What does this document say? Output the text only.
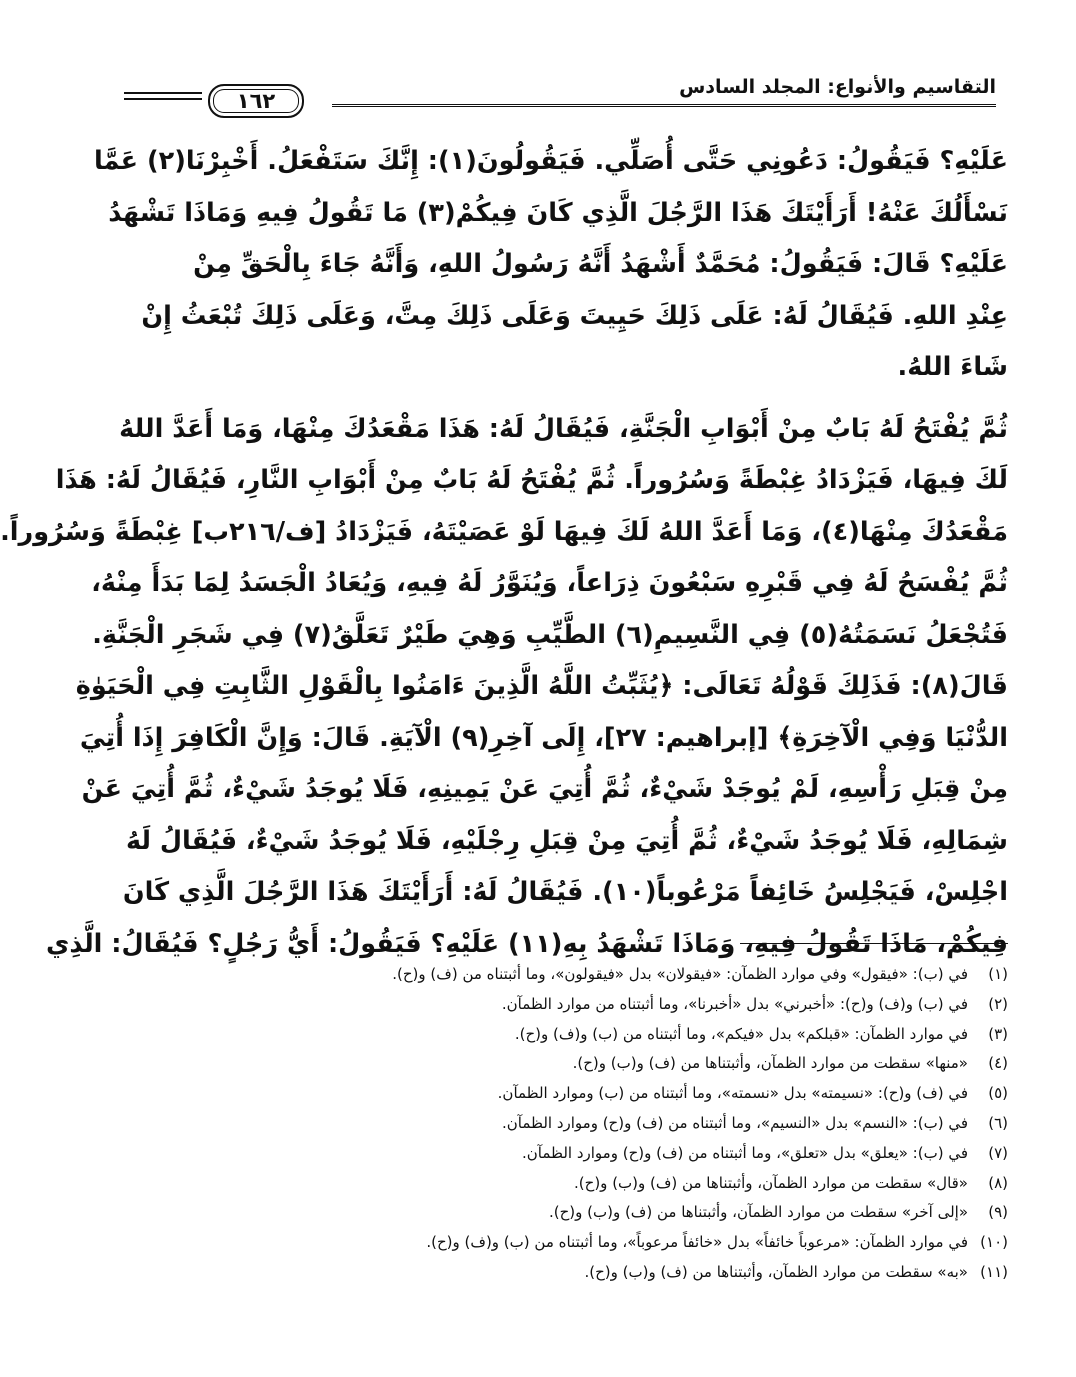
التقاسيم والأنواع: المجلد السادس
١٦٢

عَلَيْهِ؟ فَيَقُولُ: دَعُونِي حَتَّى أُصَلِّي. فَيَقُولُونَ(١): إِنَّكَ سَتَفْعَلُ. أَخْبِرْنَا(٢) عَمَّا
نَسْأَلُكَ عَنْهُ! أَرَأَيْتَكَ هَذَا الرَّجُلَ الَّذِي كَانَ فِيكُمْ(٣) مَا تَقُولُ فِيهِ وَمَاذَا تَشْهَدُ
عَلَيْهِ؟ قَالَ: فَيَقُولُ: مُحَمَّدٌ أَشْهَدُ أَنَّهُ رَسُولُ اللهِ، وَأَنَّهُ جَاءَ بِالْحَقِّ مِنْ
عِنْدِ اللهِ. فَيُقَالُ لَهُ: عَلَى ذَلِكَ حَيِيتَ وَعَلَى ذَلِكَ مِتَّ، وَعَلَى ذَلِكَ تُبْعَثُ إِنْ
شَاءَ اللهُ.

ثُمَّ يُفْتَحُ لَهُ بَابٌ مِنْ أَبْوَابِ الْجَنَّةِ، فَيُقَالُ لَهُ: هَذَا مَقْعَدُكَ مِنْهَا، وَمَا أَعَدَّ اللهُ
لَكَ فِيهَا، فَيَزْدَادُ غِبْطَةً وَسُرُوراً. ثُمَّ يُفْتَحُ لَهُ بَابٌ مِنْ أَبْوَابِ النَّارِ، فَيُقَالُ لَهُ: هَذَا
مَقْعَدُكَ مِنْهَا(٤)، وَمَا أَعَدَّ اللهُ لَكَ فِيهَا لَوْ عَصَيْتَهُ، فَيَزْدَادُ [ف/٢١٦ب] غِبْطَةً وَسُرُوراً.
ثُمَّ يُفْسَحُ لَهُ فِي قَبْرِهِ سَبْعُونَ ذِرَاعاً، وَيُنَوَّرُ لَهُ فِيهِ، وَيُعَادُ الْجَسَدُ لِمَا بَدَأَ مِنْهُ،
فَتُجْعَلُ نَسَمَتُهُ(٥) فِي النَّسِيمِ(٦) الطَّيِّبِ وَهِيَ طَيْرٌ تَعَلَّقُ(٧) فِي شَجَرِ الْجَنَّةِ.
قَالَ(٨): فَذَلِكَ قَوْلُهُ تَعَالَى: ﴿يُثَبِّتُ اللَّهُ الَّذِينَ ءَامَنُوا بِالْقَوْلِ الثَّابِتِ فِي الْحَيَوٰةِ
الدُّنْيَا وَفِي الْآخِرَةِ﴾ [إبراهيم: ٢٧]، إِلَى آخِرِ(٩) الْآيَةِ. قَالَ: وَإِنَّ الْكَافِرَ إِذَا أُتِيَ
مِنْ قِبَلِ رَأْسِهِ، لَمْ يُوجَدْ شَيْءٌ، ثُمَّ أُتِيَ عَنْ يَمِينِهِ، فَلَا يُوجَدُ شَيْءٌ، ثُمَّ أُتِيَ عَنْ
شِمَالِهِ، فَلَا يُوجَدُ شَيْءٌ، ثُمَّ أُتِيَ مِنْ قِبَلِ رِجْلَيْهِ، فَلَا يُوجَدُ شَيْءٌ، فَيُقَالُ لَهُ
اجْلِسْ، فَيَجْلِسُ خَائِفاً مَرْعُوباً(١٠). فَيُقَالُ لَهُ: أَرَأَيْتَكَ هَذَا الرَّجُلَ الَّذِي كَانَ
فِيكُمْ، مَاذَا تَقُولُ فِيهِ، وَمَاذَا تَشْهَدُ بِهِ(١١) عَلَيْهِ؟ فَيَقُولُ: أَيُّ رَجُلٍ؟ فَيُقَالُ: الَّذِي

(١)في (ب): «فيقول» وفي موارد الظمآن: «فيقولان» بدل «فيقولون»، وما أثبتناه من (ف) و(ح).
(٢)في (ب) و(ف) و(ح): «أخبرني» بدل «أخبرنا»، وما أثبتناه من موارد الظمآن.
(٣)في موارد الظمآن: «قبلكم» بدل «فيكم»، وما أثبتناه من (ب) و(ف) و(ح).
(٤)«منها» سقطت من موارد الظمآن، وأثبتناها من (ف) و(ب) و(ح).
(٥)في (ف) و(ح): «نسيمته» بدل «نسمته»، وما أثبتناه من (ب) وموارد الظمآن.
(٦)في (ب): «النسم» بدل «النسيم»، وما أثبتناه من (ف) و(ح) وموارد الظمآن.
(٧)في (ب): «يعلق» بدل «تعلق»، وما أثبتناه من (ف) و(ح) وموارد الظمآن.
(٨)«قال» سقطت من موارد الظمآن، وأثبتناها من (ف) و(ب) و(ح).
(٩)«إلى آخر» سقطت من موارد الظمآن، وأثبتناها من (ف) و(ب) و(ح).
(١٠)في موارد الظمآن: «مرعوباً خائفاً» بدل «خائفاً مرعوباً»، وما أثبتناه من (ب) و(ف) و(ح).
(١١)«به» سقطت من موارد الظمآن، وأثبتناها من (ف) و(ب) و(ح).
